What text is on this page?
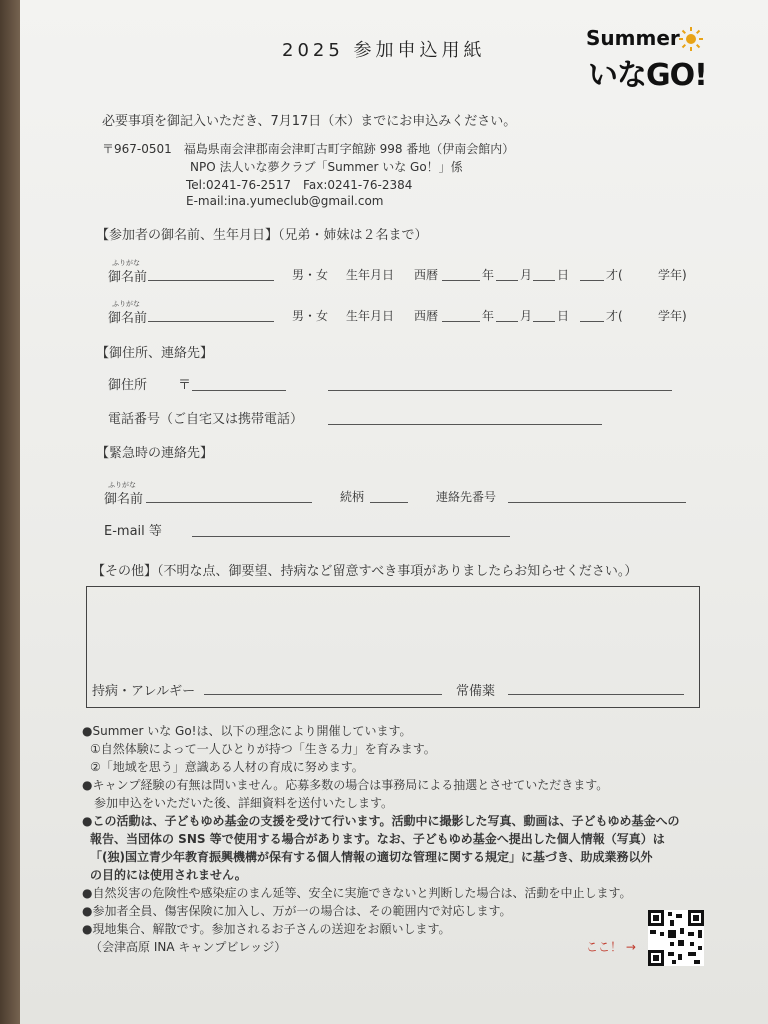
2025 参加申込用紙
Summer
いなGO!
必要事項を御記入いただき、7月17日（木）までにお申込みください。
〒967-0501　福島県南会津郡南会津町古町字館跡 998 番地（伊南会館内）
NPO 法人いな夢クラブ「Summer いな Go！」係
Tel:0241-76-2517　Fax:0241-76-2384
E-mail:ina.yumeclub@gmail.com
【参加者の御名前、生年月日】（兄弟・姉妹は２名まで）
ふりがな
御名前	男・女 生年月日 西暦	年 月 日	才(	学年)
ふりがな
御名前	男・女 生年月日 西暦	年 月 日	才(	学年)
【御住所、連絡先】
御住所 〒
電話番号（ご自宅又は携帯電話）
【緊急時の連絡先】
ふりがな
御名前	続柄	連絡先番号
E-mail 等
【その他】（不明な点、御要望、持病など留意すべき事項がありましたらお知らせください。）
持病・アレルギー	常備薬
●Summer いな Go!は、以下の理念により開催しています。
①自然体験によって一人ひとりが持つ「生きる力」を育みます。
②「地域を思う」意識ある人材の育成に努めます。
●キャンプ経験の有無は問いません。応募多数の場合は事務局による抽選とさせていただきます。
参加申込をいただいた後、詳細資料を送付いたします。
●この活動は、子どもゆめ基金の支援を受けて行います。活動中に撮影した写真、動画は、子どもゆめ基金への
報告、当団体の SNS 等で使用する場合があります。なお、子どもゆめ基金へ提出した個人情報（写真）は
「(独)国立青少年教育振興機構が保有する個人情報の適切な管理に関する規定」に基づき、助成業務以外
の目的には使用されません。
●自然災害の危険性や感染症のまん延等、安全に実施できないと判断した場合は、活動を中止します。
●参加者全員、傷害保険に加入し、万が一の場合は、その範囲内で対応します。
●現地集合、解散です。参加されるお子さんの送迎をお願いします。
（会津高原 INA キャンプビレッジ）	ここ！ →
